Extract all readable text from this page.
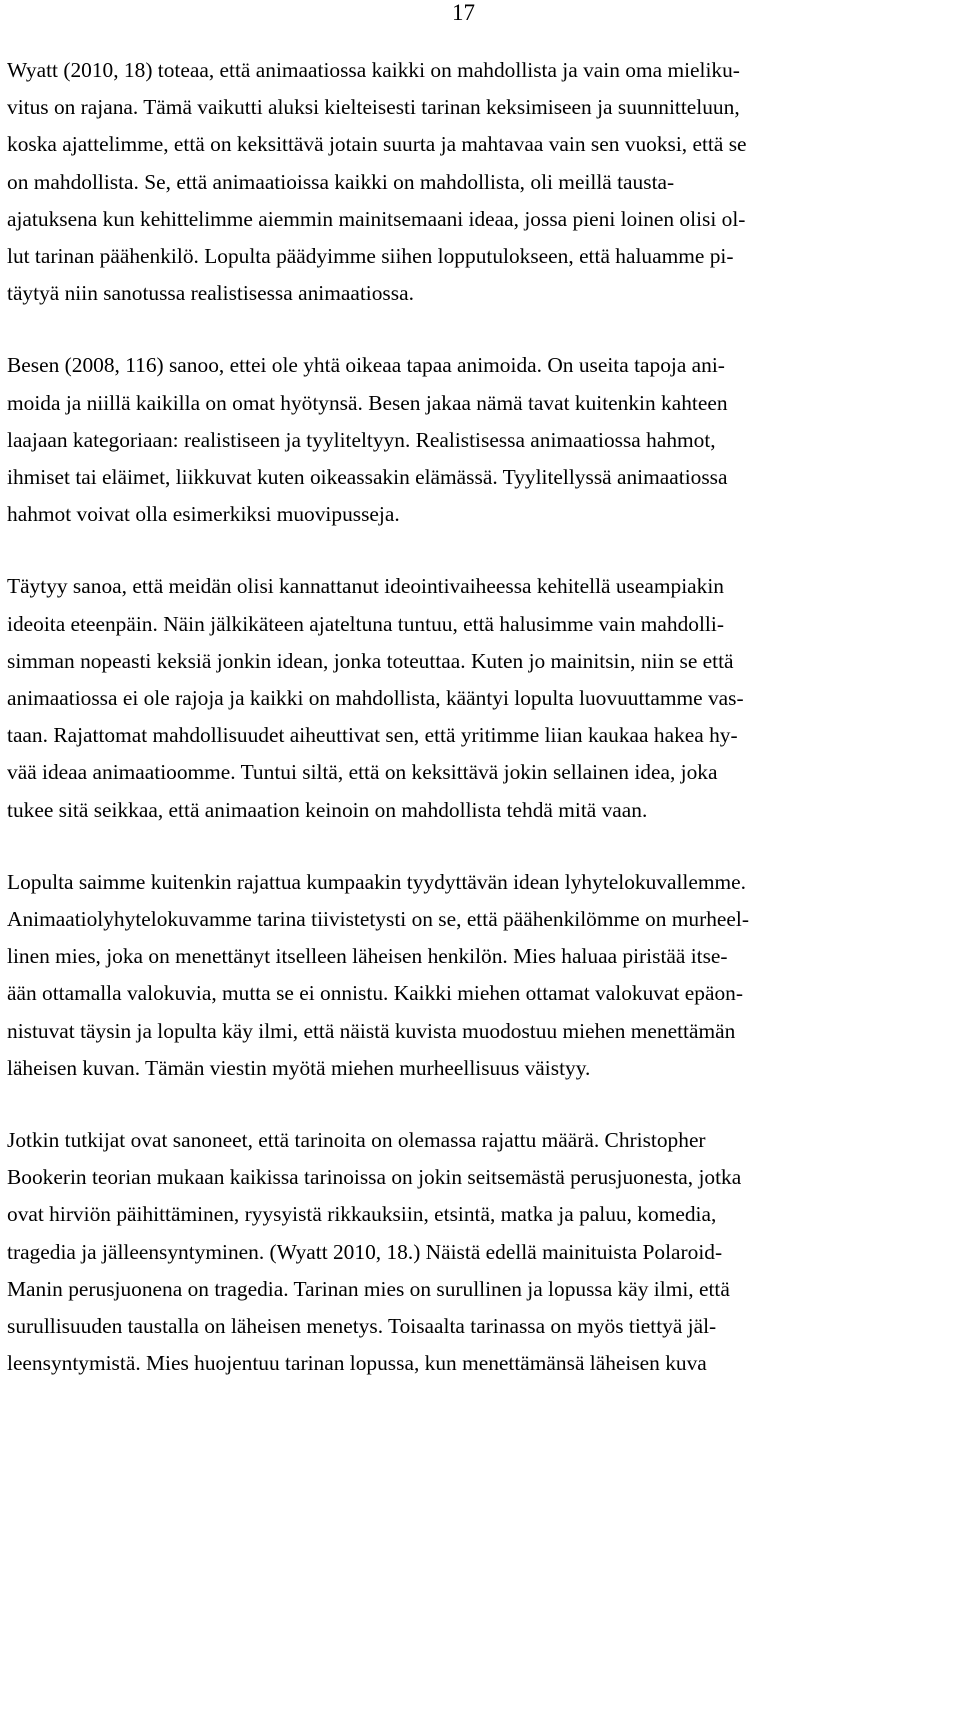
17
Wyatt (2010, 18) toteaa, että animaatiossa kaikki on mahdollista ja vain oma mieliku-
vitus on rajana. Tämä vaikutti aluksi kielteisesti tarinan keksimiseen ja suunnitteluun,
koska ajattelimme, että on keksittävä jotain suurta ja mahtavaa vain sen vuoksi, että se
on mahdollista. Se, että animaatioissa kaikki on mahdollista, oli meillä tausta-
ajatuksena kun kehittelimme aiemmin mainitsemaani ideaa, jossa pieni loinen olisi ol-
lut tarinan päähenkilö. Lopulta päädyimme siihen lopputulokseen, että haluamme pi-
täytyä niin sanotussa realistisessa animaatiossa.
Besen (2008, 116) sanoo, ettei ole yhtä oikeaa tapaa animoida. On useita tapoja ani-
moida ja niillä kaikilla on omat hyötynsä. Besen jakaa nämä tavat kuitenkin kahteen
laajaan kategoriaan: realistiseen ja tyyliteltyyn. Realistisessa animaatiossa hahmot,
ihmiset tai eläimet, liikkuvat kuten oikeassakin elämässä. Tyylitellyssä animaatiossa
hahmot voivat olla esimerkiksi muovipusseja.
Täytyy sanoa, että meidän olisi kannattanut ideointivaiheessa kehitellä useampiakin
ideoita eteenpäin. Näin jälkikäteen ajateltuna tuntuu, että halusimme vain mahdolli-
simman nopeasti keksiä jonkin idean, jonka toteuttaa. Kuten jo mainitsin, niin se että
animaatiossa ei ole rajoja ja kaikki on mahdollista, kääntyi lopulta luovuuttamme vas-
taan. Rajattomat mahdollisuudet aiheuttivat sen, että yritimme liian kaukaa hakea hy-
vää ideaa animaatioomme. Tuntui siltä, että on keksittävä jokin sellainen idea, joka
tukee sitä seikkaa, että animaation keinoin on mahdollista tehdä mitä vaan.
Lopulta saimme kuitenkin rajattua kumpaakin tyydyttävän idean lyhytelokuvallemme.
Animaatiolyhytelokuvamme tarina tiivistetysti on se, että päähenkilömme on murheel-
linen mies, joka on menettänyt itselleen läheisen henkilön. Mies haluaa piristää itse-
ään ottamalla valokuvia, mutta se ei onnistu. Kaikki miehen ottamat valokuvat epäon-
nistuvat täysin ja lopulta käy ilmi, että näistä kuvista muodostuu miehen menettämän
läheisen kuvan. Tämän viestin myötä miehen murheellisuus väistyy.
Jotkin tutkijat ovat sanoneet, että tarinoita on olemassa rajattu määrä. Christopher
Bookerin teorian mukaan kaikissa tarinoissa on jokin seitsemästä perusjuonesta, jotka
ovat hirviön päihittäminen, ryysyistä rikkauksiin, etsintä, matka ja paluu, komedia,
tragedia ja jälleensyntyminen. (Wyatt 2010, 18.) Näistä edellä mainituista Polaroid-
Manin perusjuonena on tragedia. Tarinan mies on surullinen ja lopussa käy ilmi, että
surullisuuden taustalla on läheisen menetys. Toisaalta tarinassa on myös tiettyä jäl-
leensyntymistä. Mies huojentuu tarinan lopussa, kun menettämänsä läheisen kuva
